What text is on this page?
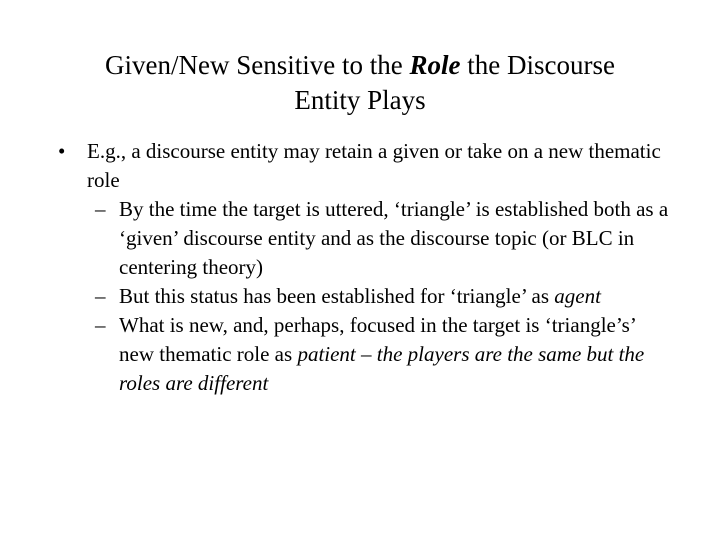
Given/New Sensitive to the Role the Discourse
Entity Plays
• E.g., a discourse entity may retain a given or take on a new thematic role
– By the time the target is uttered, ‘triangle’ is established both as a ‘given’ discourse entity and as the discourse topic (or BLC in centering theory)
– But this status has been established for ‘triangle’ as agent
– What is new, and, perhaps, focused in the target is ‘triangle’s’ new thematic role as patient – the players are the same but the roles are different
